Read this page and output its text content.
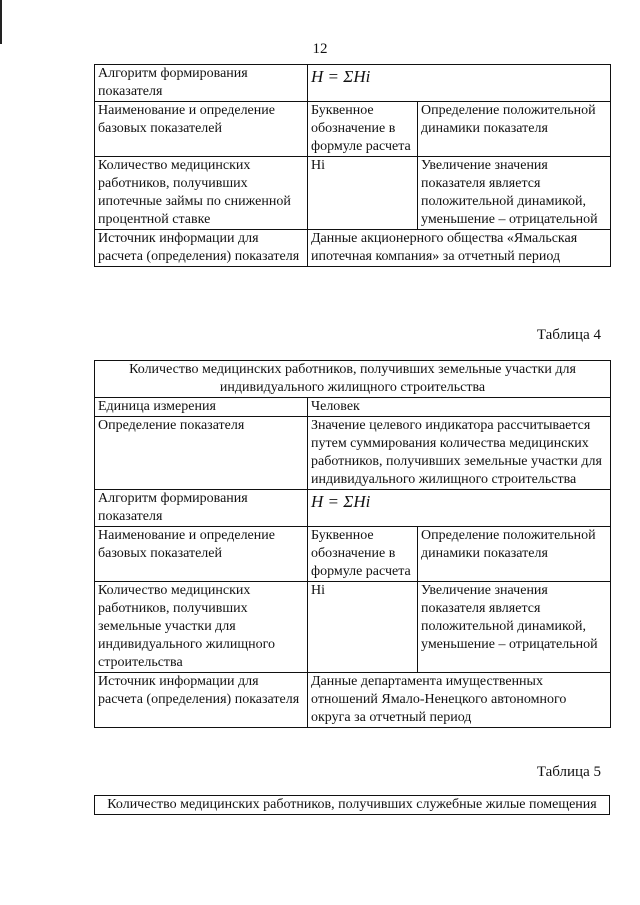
12
Алгоритм формирования показателя	H = ΣHi	
Наименование и определение базовых показателей	Буквенное обозначение в формуле расчета	Определение положительной динамики показателя
Количество медицинских работников, получивших ипотечные займы по сниженной процентной ставке	Hi	Увеличение значения показателя является положительной динамикой, уменьшение – отрицательной
Источник информации для расчета (определения) показателя	Данные акционерного общества «Ямальская ипотечная компания» за отчетный период	
Таблица 4
Количество медицинских работников, получивших земельные участки для индивидуального жилищного строительства		
Единица измерения	Человек	
Определение показателя	Значение целевого индикатора рассчитывается путем суммирования количества медицинских работников, получивших земельные участки для индивидуального жилищного строительства	
Алгоритм формирования показателя	H = ΣHi	
Наименование и определение базовых показателей	Буквенное обозначение в формуле расчета	Определение положительной динамики показателя
Количество медицинских работников, получивших земельные участки для индивидуального жилищного строительства	Hi	Увеличение значения показателя является положительной динамикой, уменьшение – отрицательной
Источник информации для расчета (определения) показателя	Данные департамента имущественных отношений Ямало-Ненецкого автономного округа за отчетный период	
Таблица 5
Количество медицинских работников, получивших служебные жилые помещения
